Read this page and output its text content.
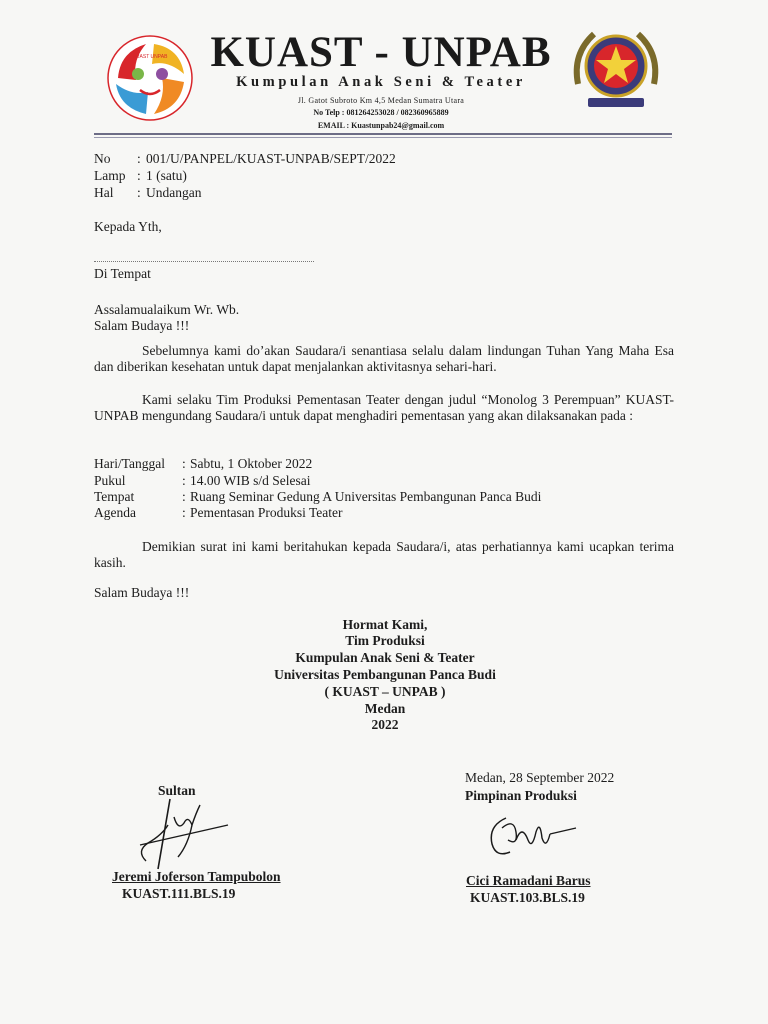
KUAST UNPAB KUAST - UNPAB
Kumpulan Anak Seni & Teater
Jl. Gatot Subroto Km 4,5 Medan Sumatra Utara
No Telp : 081264253028 / 082360965889
EMAIL : Kuastunpab24@gmail.com
No : 001/U/PANPEL/KUAST-UNPAB/SEPT/2022
Lamp : 1 (satu)
Hal : Undangan
Kepada Yth,
Di Tempat
Assalamualaikum Wr. Wb.
Salam Budaya !!!
Sebelumnya kami do’akan Saudara/i senantiasa selalu dalam lindungan Tuhan Yang Maha Esa dan diberikan kesehatan untuk dapat menjalankan aktivitasnya sehari-hari.
Kami selaku Tim Produksi Pementasan Teater dengan judul “Monolog 3 Perempuan” KUAST-UNPAB mengundang Saudara/i untuk dapat menghadiri pementasan yang akan dilaksanakan pada :
Hari/Tanggal : Sabtu, 1 Oktober 2022
Pukul	: 14.00 WIB s/d Selesai
Tempat	: Ruang Seminar Gedung A Universitas Pembangunan Panca Budi
Agenda	: Pementasan Produksi Teater
Demikian surat ini kami beritahukan kepada Saudara/i, atas perhatiannya kami ucapkan terima kasih.
Salam Budaya !!!
Hormat Kami,
Tim Produksi
Kumpulan Anak Seni & Teater
Universitas Pembangunan Panca Budi
( KUAST – UNPAB )
Medan
2022
Sultan
Jeremi Joferson Tampubolon
KUAST.111.BLS.19
Medan, 28 September 2022
Pimpinan Produksi
Cici Ramadani Barus
KUAST.103.BLS.19
